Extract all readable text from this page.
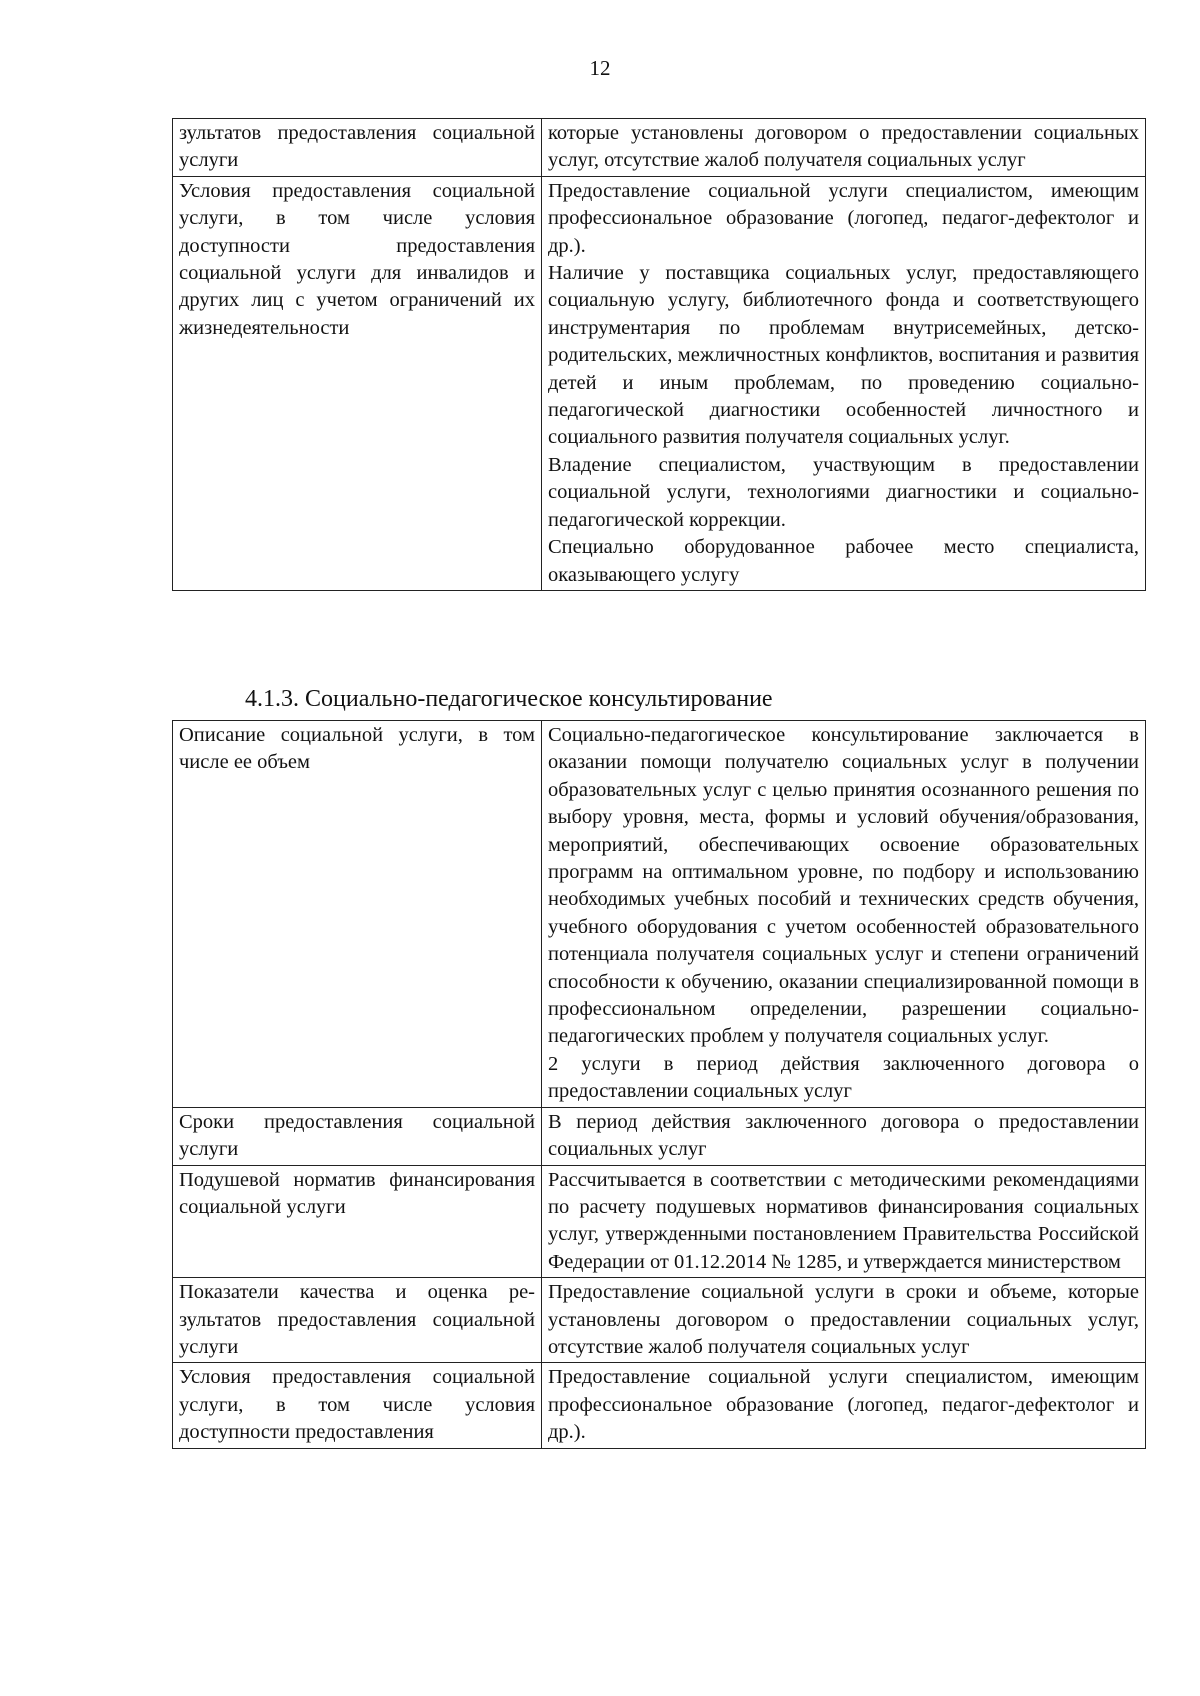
12
зультатов предоставления социальной услуги	которые установлены договором о предоставлении социальных услуг, отсутствие жалоб получателя социальных услуг

Условия предоставления социальной услуги, в том числе условия доступности предоставления социальной услуги для инвалидов и других лиц с учетом ограничений их жизнедеятельности	Предоставление социальной услуги специалистом, имеющим профессиональное образование (логопед, педагог-дефектолог и др.).

Наличие у поставщика социальных услуг, предоставляющего социальную услугу, библиотечного фонда и соответствующего инструментария по проблемам внутрисемейных, детско-родительских, межличностных конфликтов, воспитания и развития детей и иным проблемам, по проведению социально-педагогической диагностики особенностей личностного и социального развития получателя социальных услуг.

Владение специалистом, участвующим в предоставлении социальной услуги, технологиями диагностики и социально-педагогической коррекции.

Специально оборудованное рабочее место специалиста, оказывающего услугу

4.1.3. Социально-педагогическое консультирование
Описание социальной услуги, в том числе ее объем	Социально-педагогическое консультирование заключается в оказании помощи получателю социальных услуг в получении образовательных услуг с целью принятия осознанного решения по выбору уровня, места, формы и условий обучения/образования, мероприятий, обеспечивающих освоение образовательных программ на оптимальном уровне, по подбору и использованию необходимых учебных пособий и технических средств обучения, учебного оборудования с учетом особенностей образовательного потенциала получателя социальных услуг и степени ограничений способности к обучению, оказании специализированной помощи в профессиональном определении, разрешении социально-педагогических проблем у получателя социальных услуг.

2 услуги в период действия заключенного договора о предоставлении социальных услуг

Сроки предоставления социальной услуги	В период действия заключенного договора о предоставлении социальных услуг

Подушевой норматив финансирования социальной услуги	Рассчитывается в соответствии с методическими рекомендациями по расчету подушевых нормативов финансирования социальных услуг, утвержденными постановлением Правительства Российской Федерации от 01.12.2014 № 1285, и утверждается министерством

Показатели качества и оценка результатов предоставления социальной услуги	Предоставление социальной услуги в сроки и объеме, которые установлены договором о предоставлении социальных услуг, отсутствие жалоб получателя социальных услуг

Условия предоставления социальной услуги, в том числе условия доступности предоставления	Предоставление социальной услуги специалистом, имеющим профессиональное образование (логопед, педагог-дефектолог и др.).
